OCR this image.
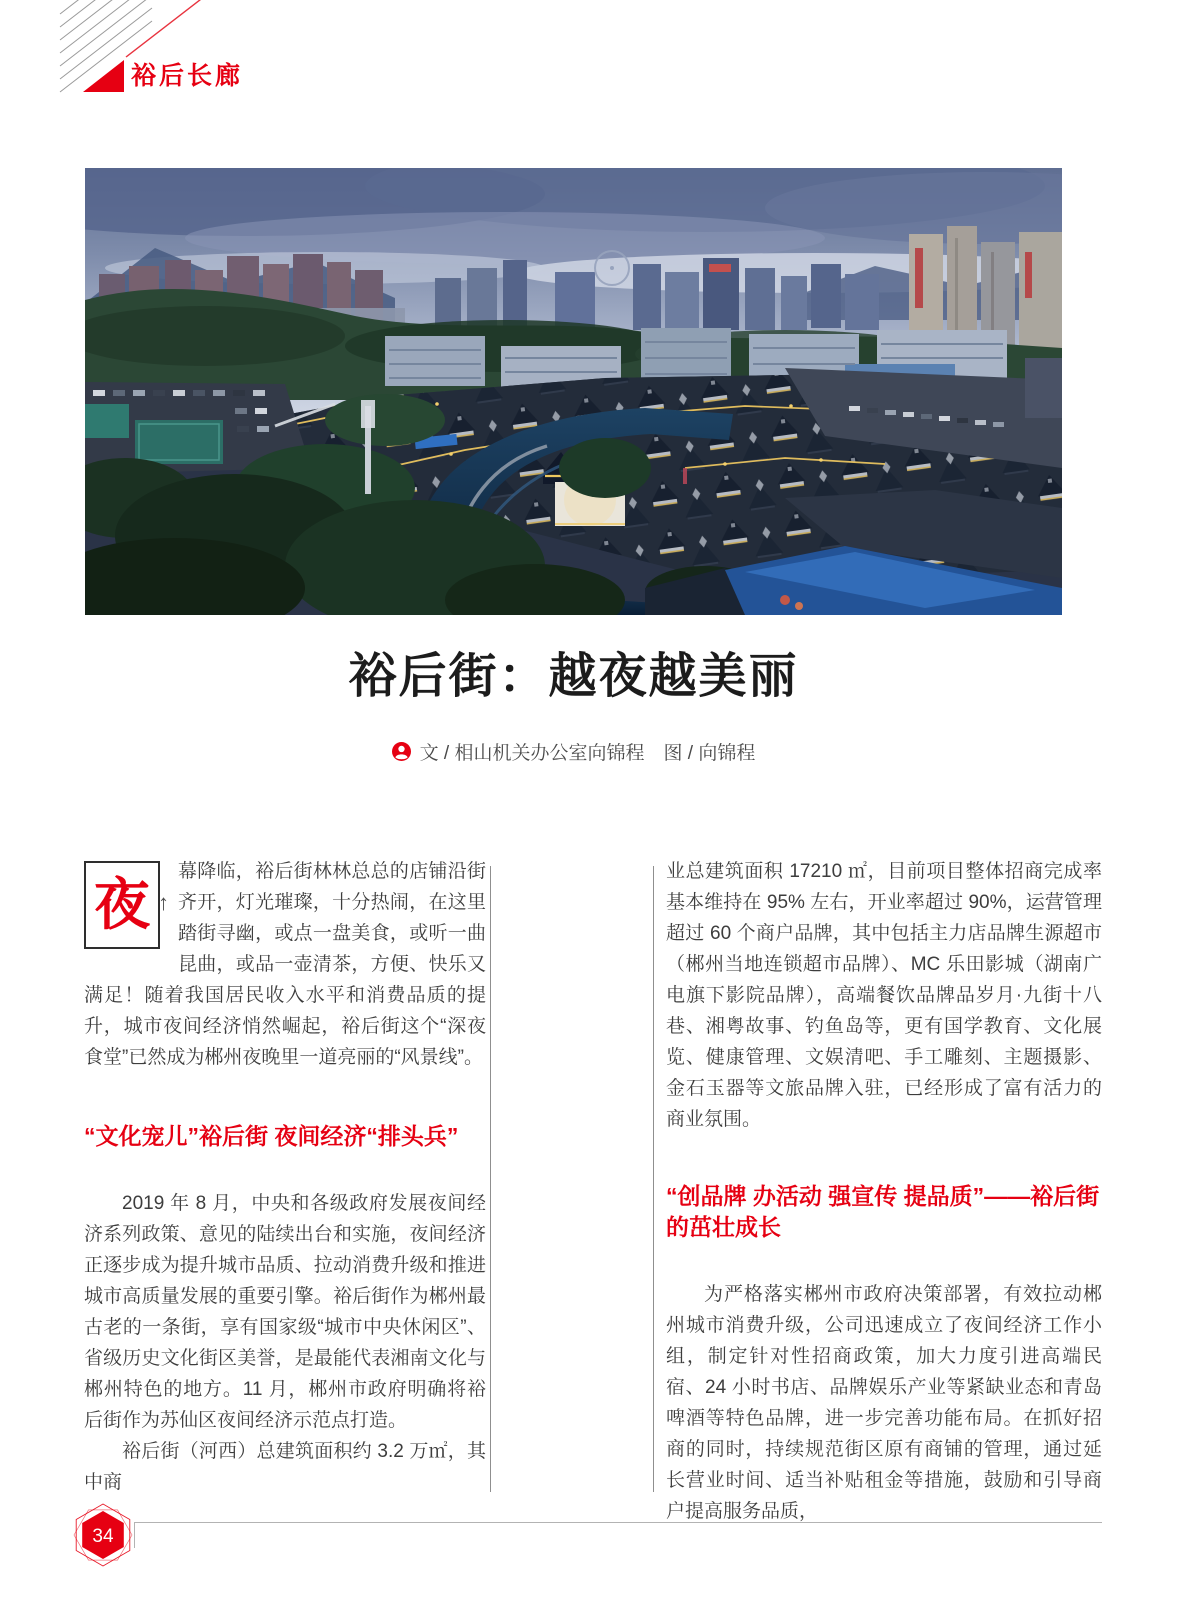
裕后长廊
裕后街：越夜越美丽
文 / 相山机关办公室向锦程　图 / 向锦程

夜 ↑
幕降临，裕后街林林总总的店铺沿街齐开，灯光璀璨，十分热闹，在这里踏街寻幽，或点一盘美食，或听一曲昆曲，或品一壶清茶，方便、快乐又满足！随着我国居民收入水平和消费品质的提升，城市夜间经济悄然崛起，裕后街这个“深夜食堂”已然成为郴州夜晚里一道亮丽的“风景线”。

“文化宠儿”裕后街 夜间经济“排头兵”

2019 年 8 月，中央和各级政府发展夜间经济系列政策、意见的陆续出台和实施，夜间经济正逐步成为提升城市品质、拉动消费升级和推进城市高质量发展的重要引擎。裕后街作为郴州最古老的一条街，享有国家级“城市中央休闲区”、省级历史文化街区美誉，是最能代表湘南文化与郴州特色的地方。11 月，郴州市政府明确将裕后街作为苏仙区夜间经济示范点打造。

裕后街（河西）总建筑面积约 3.2 万㎡，其中商

业总建筑面积 17210 ㎡，目前项目整体招商完成率基本维持在 95% 左右，开业率超过 90%，运营管理超过 60 个商户品牌，其中包括主力店品牌生源超市（郴州当地连锁超市品牌）、MC 乐田影城（湖南广电旗下影院品牌），高端餐饮品牌品岁月·九街十八巷、湘粤故事、钓鱼岛等，更有国学教育、文化展览、健康管理、文娱清吧、手工雕刻、主题摄影、金石玉器等文旅品牌入驻，已经形成了富有活力的商业氛围。

“创品牌 办活动 强宣传 提品质”——裕后街的茁壮成长

为严格落实郴州市政府决策部署，有效拉动郴州城市消费升级，公司迅速成立了夜间经济工作小组，制定针对性招商政策，加大力度引进高端民宿、24 小时书店、品牌娱乐产业等紧缺业态和青岛啤酒等特色品牌，进一步完善功能布局。在抓好招商的同时，持续规范街区原有商铺的管理，通过延长营业时间、适当补贴租金等措施，鼓励和引导商户提高服务品质，

34
